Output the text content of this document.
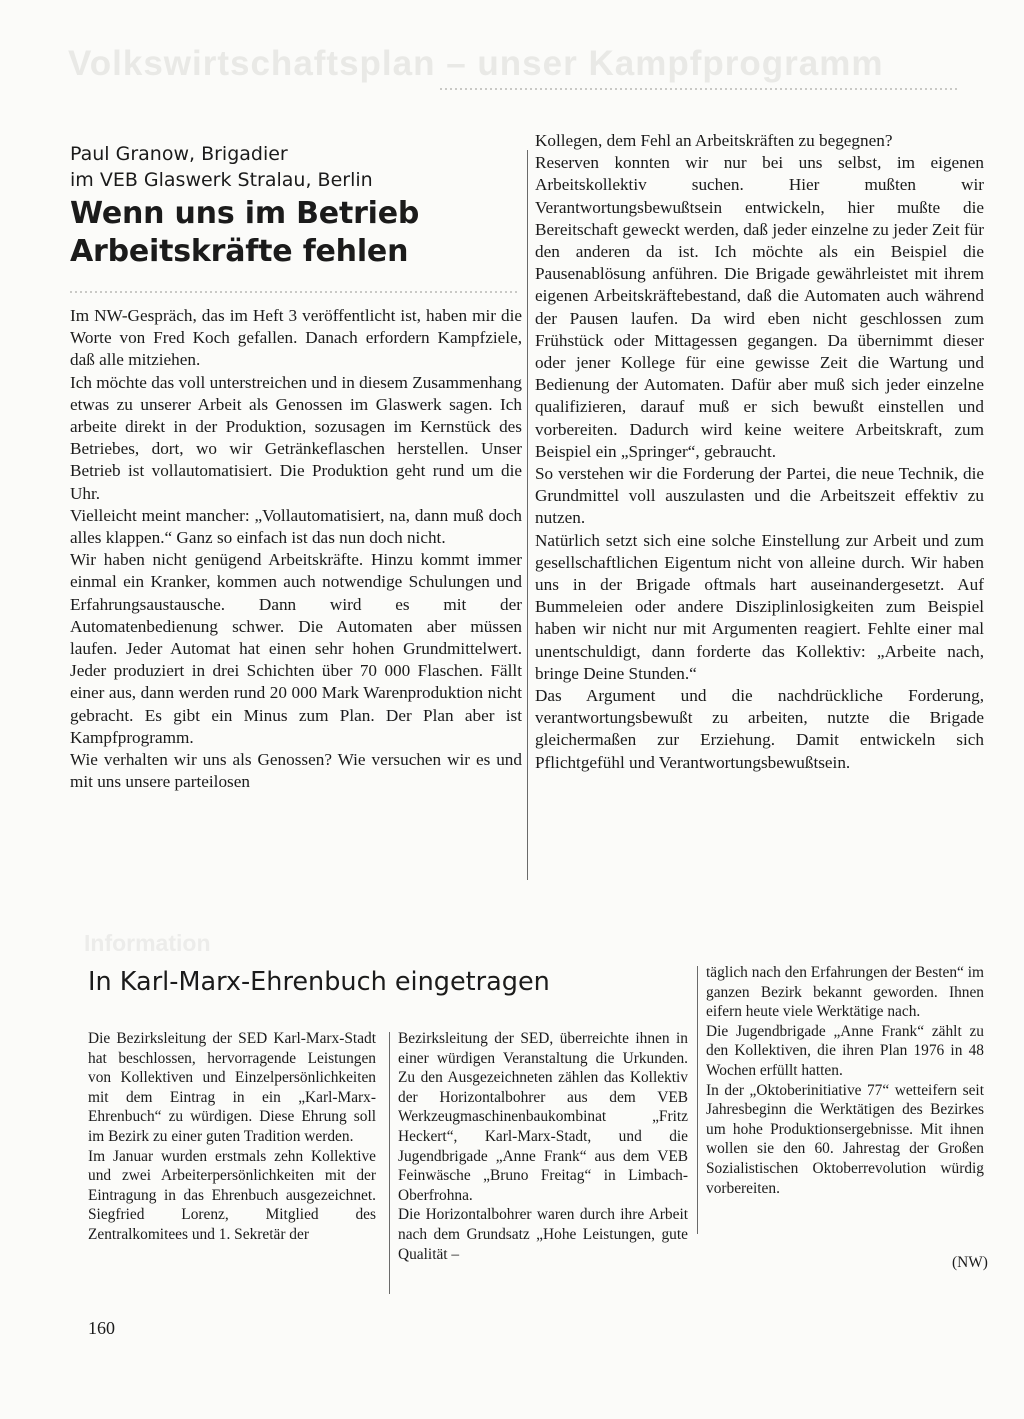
Volkswirtschaftsplan – unser Kampfprogramm
Paul Granow, Brigadier
im VEB Glaswerk Stralau, Berlin
Wenn uns im Betrieb
Arbeitskräfte fehlen

Im NW-Gespräch, das im Heft 3 veröffentlicht ist, haben mir die Worte von Fred Koch gefallen. Danach erfordern Kampfziele, daß alle mitziehen.

Ich möchte das voll unterstreichen und in diesem Zusammenhang etwas zu unserer Arbeit als Genossen im Glaswerk sagen. Ich arbeite direkt in der Produktion, sozusagen im Kernstück des Betriebes, dort, wo wir Getränkeflaschen herstellen. Unser Betrieb ist vollautomatisiert. Die Produktion geht rund um die Uhr.

Vielleicht meint mancher: „Vollautomatisiert, na, dann muß doch alles klappen.“ Ganz so einfach ist das nun doch nicht.

Wir haben nicht genügend Arbeitskräfte. Hinzu kommt immer einmal ein Kranker, kommen auch notwendige Schulungen und Erfahrungsaustausche. Dann wird es mit der Automatenbedienung schwer. Die Automaten aber müssen laufen. Jeder Automat hat einen sehr hohen Grundmittelwert. Jeder produziert in drei Schichten über 70 000 Flaschen. Fällt einer aus, dann werden rund 20 000 Mark Warenproduktion nicht gebracht. Es gibt ein Minus zum Plan. Der Plan aber ist Kampfprogramm.

Wie verhalten wir uns als Genossen? Wie versuchen wir es und mit uns unsere parteilosen

Kollegen, dem Fehl an Arbeitskräften zu begegnen?

Reserven konnten wir nur bei uns selbst, im eigenen Arbeitskollektiv suchen. Hier mußten wir Verantwortungsbewußtsein entwickeln, hier mußte die Bereitschaft geweckt werden, daß jeder einzelne zu jeder Zeit für den anderen da ist. Ich möchte als ein Beispiel die Pausenablösung anführen. Die Brigade gewährleistet mit ihrem eigenen Arbeitskräftebestand, daß die Automaten auch während der Pausen laufen. Da wird eben nicht geschlossen zum Frühstück oder Mittagessen gegangen. Da übernimmt dieser oder jener Kollege für eine gewisse Zeit die Wartung und Bedienung der Automaten. Dafür aber muß sich jeder einzelne qualifizieren, darauf muß er sich bewußt einstellen und vorbereiten. Dadurch wird keine weitere Arbeitskraft, zum Beispiel ein „Springer“, gebraucht.

So verstehen wir die Forderung der Partei, die neue Technik, die Grundmittel voll auszulasten und die Arbeitszeit effektiv zu nutzen.

Natürlich setzt sich eine solche Einstellung zur Arbeit und zum gesellschaftlichen Eigentum nicht von alleine durch. Wir haben uns in der Brigade oftmals hart auseinandergesetzt. Auf Bummeleien oder andere Disziplinlosigkeiten zum Beispiel haben wir nicht nur mit Argumenten reagiert. Fehlte einer mal unentschuldigt, dann forderte das Kollektiv: „Arbeite nach, bringe Deine Stunden.“

Das Argument und die nachdrückliche Forderung, verantwortungsbewußt zu arbeiten, nutzte die Brigade gleichermaßen zur Erziehung. Damit entwickeln sich Pflichtgefühl und Verantwortungsbewußtsein.

Information
In Karl-Marx-Ehrenbuch eingetragen

Die Bezirksleitung der SED Karl-Marx-Stadt hat beschlossen, hervorragende Leistungen von Kollektiven und Einzelpersönlichkeiten mit dem Eintrag in ein „Karl-Marx-Ehrenbuch“ zu würdigen. Diese Ehrung soll im Bezirk zu einer guten Tradition werden.

Im Januar wurden erstmals zehn Kollektive und zwei Arbeiterpersönlichkeiten mit der Eintragung in das Ehrenbuch ausgezeichnet. Siegfried Lorenz, Mitglied des Zentralkomitees und 1. Sekretär der

Bezirksleitung der SED, überreichte ihnen in einer würdigen Veranstaltung die Urkunden. Zu den Ausgezeichneten zählen das Kollektiv der Horizontalbohrer aus dem VEB Werkzeugmaschinenbaukombinat „Fritz Heckert“, Karl-Marx-Stadt, und die Jugendbrigade „Anne Frank“ aus dem VEB Feinwäsche „Bruno Freitag“ in Limbach-Oberfrohna.

Die Horizontalbohrer waren durch ihre Arbeit nach dem Grundsatz „Hohe Leistungen, gute Qualität –

täglich nach den Erfahrungen der Besten“ im ganzen Bezirk bekannt geworden. Ihnen eifern heute viele Werktätige nach.

Die Jugendbrigade „Anne Frank“ zählt zu den Kollektiven, die ihren Plan 1976 in 48 Wochen erfüllt hatten.

In der „Oktoberinitiative 77“ wetteifern seit Jahresbeginn die Werktätigen des Bezirkes um hohe Produktionsergebnisse. Mit ihnen wollen sie den 60. Jahrestag der Großen Sozialistischen Oktoberrevolution würdig vorbereiten.

(NW)
160
